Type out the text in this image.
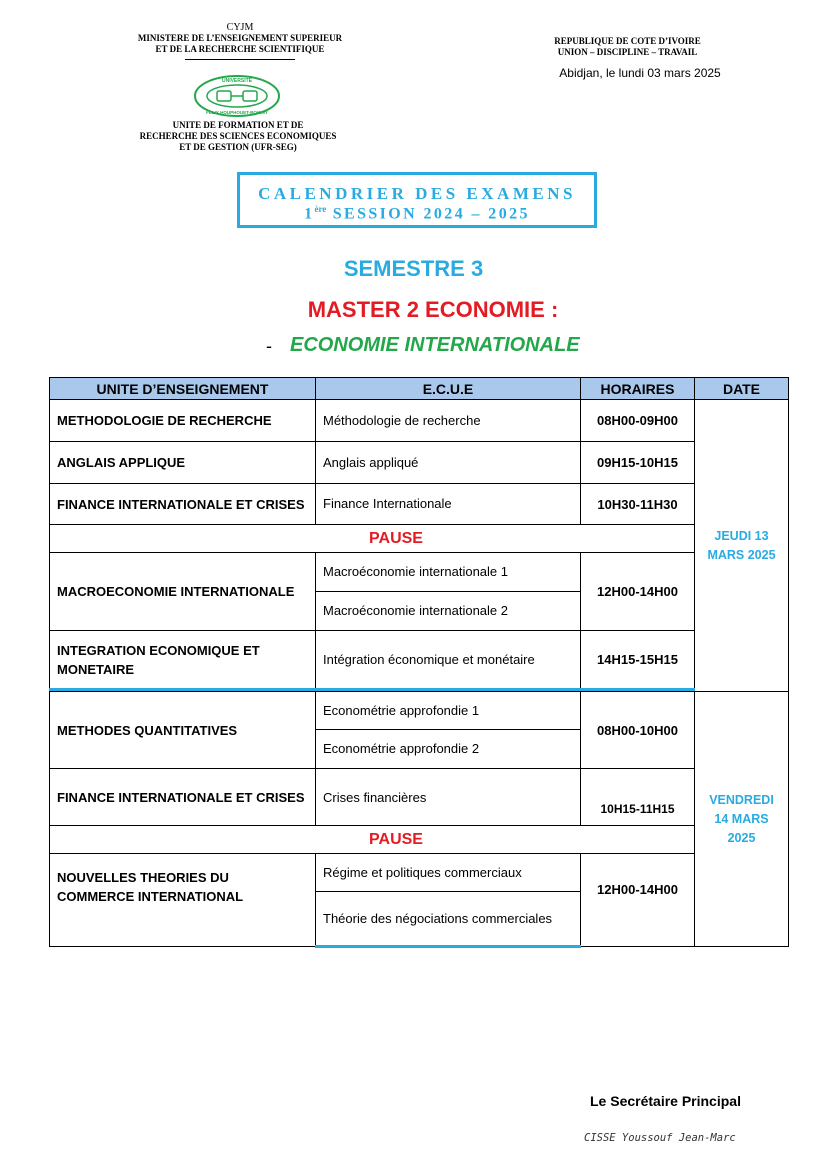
CYJM
MINISTERE DE L’ENSEIGNEMENT SUPERIEUR
ET DE LA RECHERCHE SCIENTIFIQUE
UNIVERSITE
FELIX HOUPHOUET-BOIGNY
UNITE DE FORMATION ET DE
RECHERCHE DES SCIENCES ECONOMIQUES
ET DE GESTION (UFR-SEG)
REPUBLIQUE DE COTE D’IVOIRE
UNION – DISCIPLINE – TRAVAIL
Abidjan, le lundi 03 mars 2025
CALENDRIER DES EXAMENS
1ère SESSION 2024 – 2025
SEMESTRE 3
MASTER 2 ECONOMIE :
- ECONOMIE INTERNATIONALE
UNITE D’ENSEIGNEMENT	E.C.U.E	HORAIRES	DATE
METHODOLOGIE DE RECHERCHE	Méthodologie de recherche	08H00-09H00	JEUDI 13 MARS 2025
ANGLAIS APPLIQUE	Anglais appliqué	09H15-10H15	
FINANCE INTERNATIONALE ET CRISES	Finance Internationale	10H30-11H30	
PAUSE			
MACROECONOMIE INTERNATIONALE	Macroéconomie internationale 1	12H00-14H00	
	Macroéconomie internationale 2		
INTEGRATION ECONOMIQUE ET MONETAIRE	Intégration économique et monétaire	14H15-15H15	

METHODES QUANTITATIVES	Econométrie approfondie 1	08H00-10H00	VENDREDI 14 MARS 2025
	Econométrie approfondie 2		
FINANCE INTERNATIONALE ET CRISES	Crises financières	10H15-11H15	
PAUSE			
NOUVELLES THEORIES DU COMMERCE INTERNATIONAL	Régime et politiques commerciaux	12H00-14H00	
	Théorie des négociations commerciales		
Le Secrétaire Principal
CISSE Youssouf Jean-Marc
